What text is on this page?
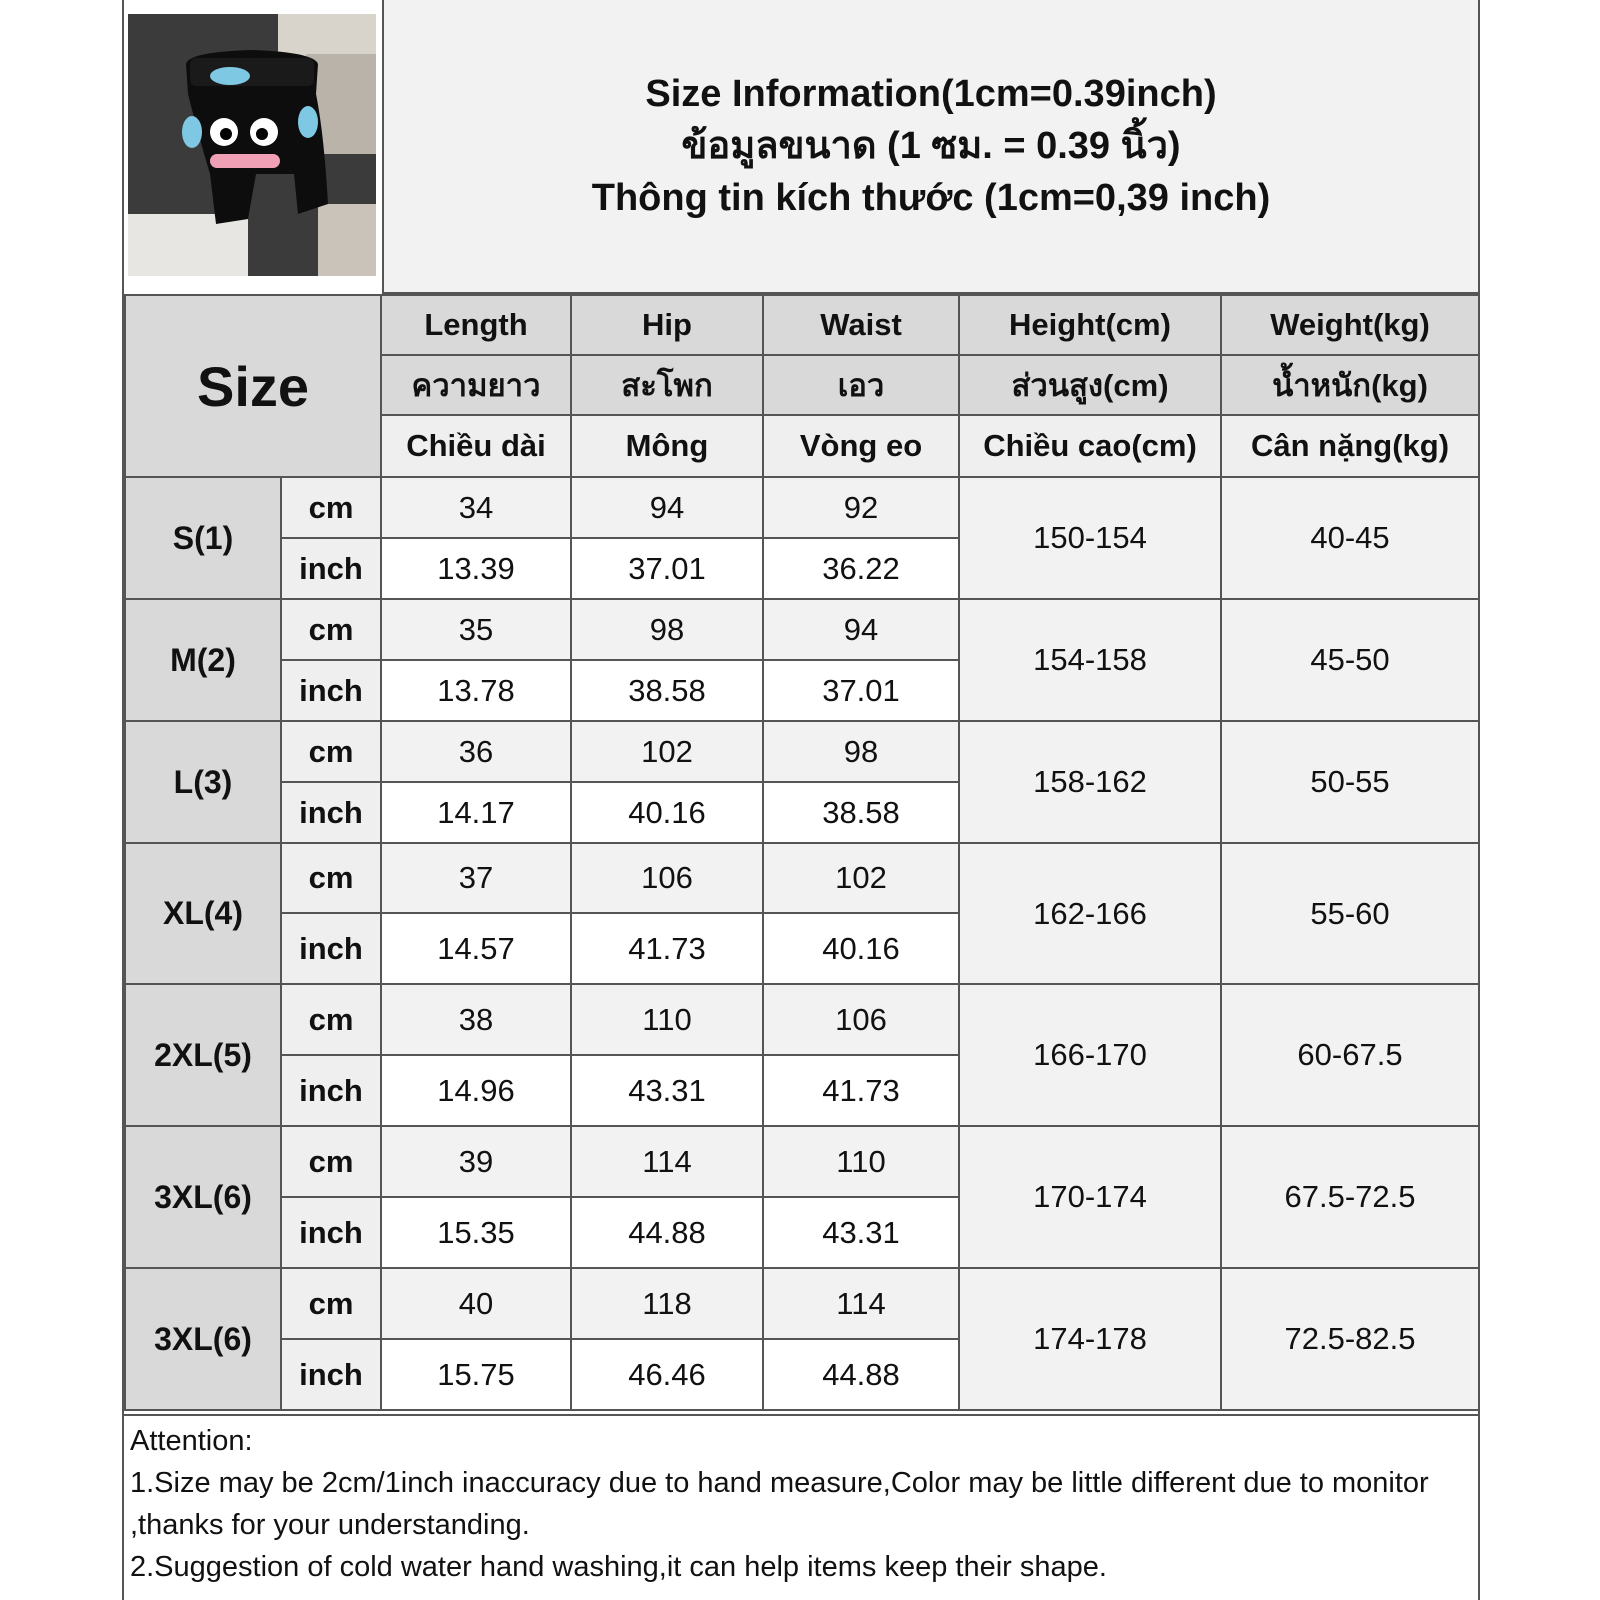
Size Information(1cm=0.39inch)
ข้อมูลขนาด (1 ซม. = 0.39 นิ้ว)
Thông tin kích thước (1cm=0,39 inch)
Size		Length	Hip	Waist	Height(cm)	Weight(kg)
		ความยาว	สะโพก	เอว	ส่วนสูง(cm)	น้ำหนัก(kg)
		Chiều dài	Mông	Vòng eo	Chiều cao(cm)	Cân nặng(kg)
S(1)	cm	34	94	92	150-154	40-45
	inch	13.39	37.01	36.22		
M(2)	cm	35	98	94	154-158	45-50
	inch	13.78	38.58	37.01		
L(3)	cm	36	102	98	158-162	50-55
	inch	14.17	40.16	38.58		
XL(4)	cm	37	106	102	162-166	55-60
	inch	14.57	41.73	40.16		
2XL(5)	cm	38	110	106	166-170	60-67.5
	inch	14.96	43.31	41.73		
3XL(6)	cm	39	114	110	170-174	67.5-72.5
	inch	15.35	44.88	43.31		
3XL(6)	cm	40	118	114	174-178	72.5-82.5
	inch	15.75	46.46	44.88		

Attention:

1.Size may be 2cm/1inch inaccuracy due to hand measure,Color may be little different due to monitor ,thanks for your understanding.

2.Suggestion of cold water hand washing,it can help items keep their shape.
